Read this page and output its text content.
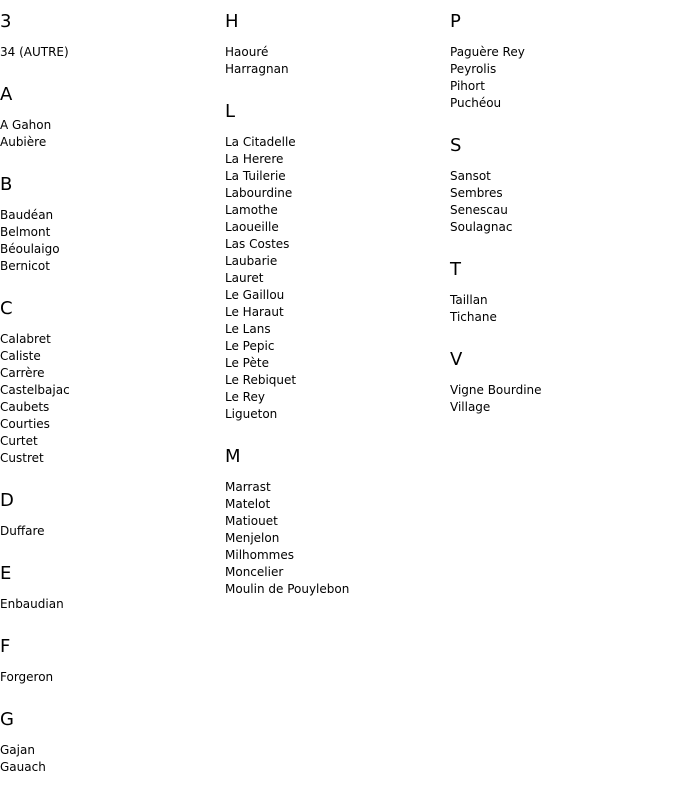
3
34 (AUTRE)
A
A Gahon
Aubière
B
Baudéan
Belmont
Béoulaigo
Bernicot
C
Calabret
Caliste
Carrère
Castelbajac
Caubets
Courties
Curtet
Custret
D
Duffare
E
Enbaudian
F
Forgeron
G
Gajan
Gauach
H
Haouré
Harragnan
L
La Citadelle
La Herere
La Tuilerie
Labourdine
Lamothe
Laoueille
Las Costes
Laubarie
Lauret
Le Gaillou
Le Haraut
Le Lans
Le Pepic
Le Pète
Le Rebiquet
Le Rey
Ligueton
M
Marrast
Matelot
Matiouet
Menjelon
Milhommes
Moncelier
Moulin de Pouylebon
P
Paguère Rey
Peyrolis
Pihort
Puchéou
S
Sansot
Sembres
Senescau
Soulagnac
T
Taillan
Tichane
V
Vigne Bourdine
Village
